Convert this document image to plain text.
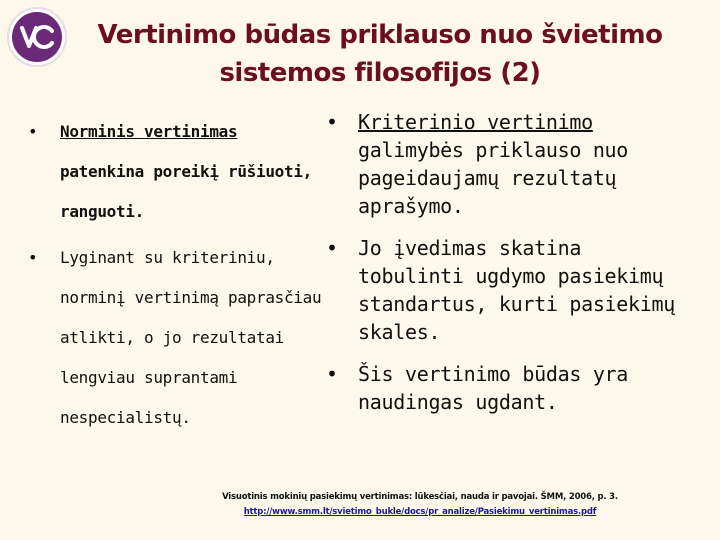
Vertinimo būdas priklauso nuo švietimo sistemos filosofijos (2)
• Norminis vertinimas
patenkina poreikį rūšiuoti, ranguoti.
• Lyginant su kriteriniu, norminį vertinimą paprasčiau atlikti, o jo rezultatai lengviau suprantami nespecialistų.
• Kriterinio vertinimo galimybės priklauso nuo pageidaujamų rezultatų aprašymo.
• Jo įvedimas skatina tobulinti ugdymo pasiekimų standartus, kurti pasiekimų skales.
• Šis vertinimo būdas yra naudingas ugdant.
Visuotinis mokinių pasiekimų vertinimas: lūkesčiai, nauda ir pavojai. ŠMM, 2006, p. 3.
http://www.smm.lt/svietimo_bukle/docs/pr_analize/Pasiekimu_vertinimas.pdf
